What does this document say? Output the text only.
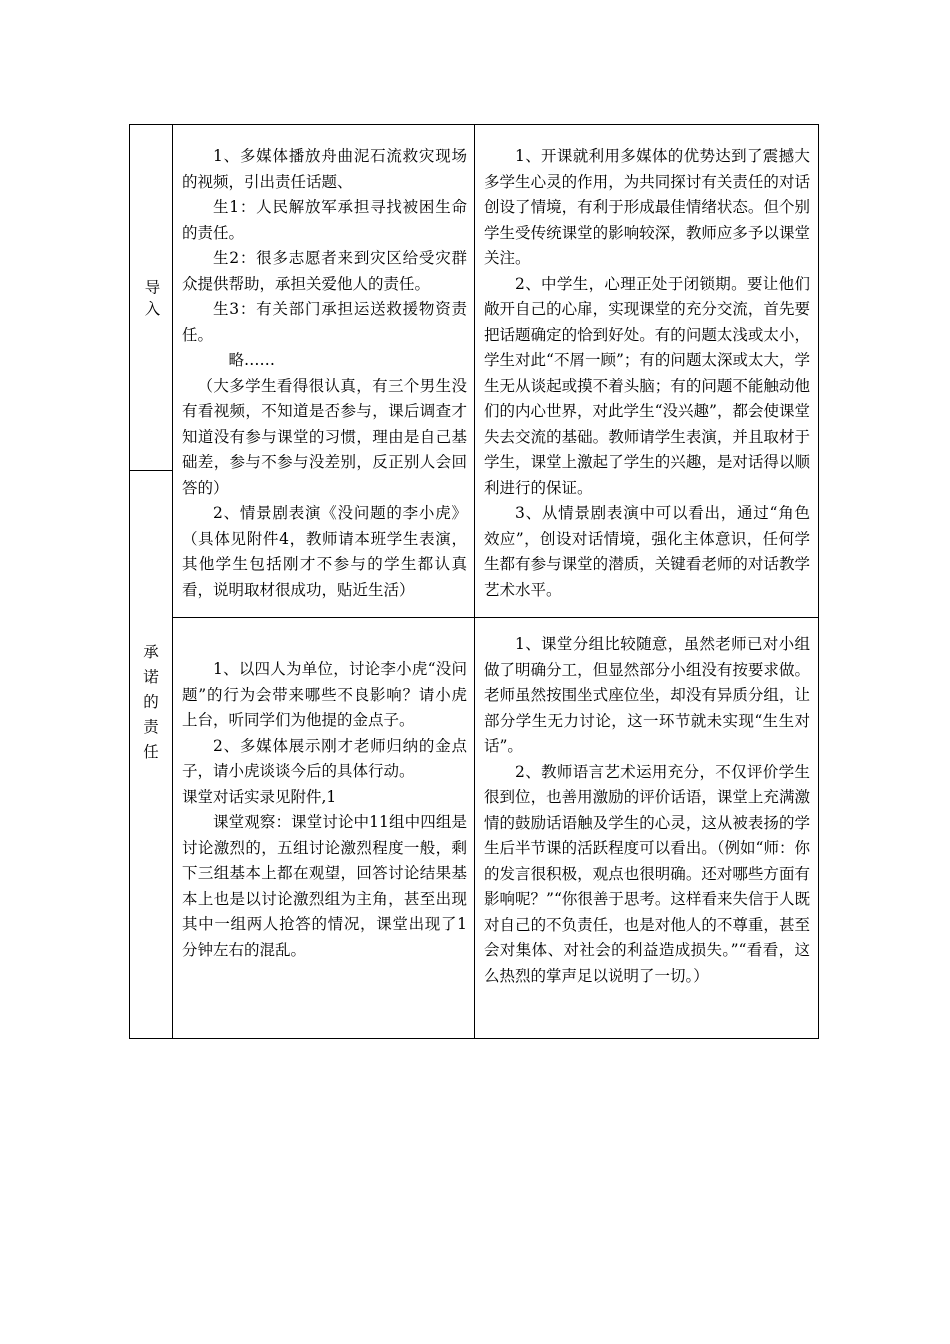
导入
承
诺
的
责
任

1、多媒体播放舟曲泥石流救灾现场的视频，引出责任话题、

生1：人民解放军承担寻找被困生命的责任。

生2：很多志愿者来到灾区给受灾群众提供帮助，承担关爱他人的责任。

生3：有关部门承担运送救援物资责任。

略……

（大多学生看得很认真，有三个男生没有看视频，不知道是否参与，课后调查才知道没有参与课堂的习惯，理由是自己基础差，参与不参与没差别，反正别人会回答的）

2、情景剧表演《没问题的李小虎》（具体见附件4，教师请本班学生表演，其他学生包括刚才不参与的学生都认真看，说明取材很成功，贴近生活）

1、开课就利用多媒体的优势达到了震撼大多学生心灵的作用，为共同探讨有关责任的对话创设了情境，有利于形成最佳情绪状态。但个别学生受传统课堂的影响较深，教师应多予以课堂关注。

2、中学生，心理正处于闭锁期。要让他们敞开自己的心扉，实现课堂的充分交流，首先要把话题确定的恰到好处。有的问题太浅或太小，学生对此“不屑一顾”；有的问题太深或太大，学生无从谈起或摸不着头脑；有的问题不能触动他们的内心世界，对此学生“没兴趣”，都会使课堂失去交流的基础。教师请学生表演，并且取材于学生，课堂上激起了学生的兴趣，是对话得以顺利进行的保证。

3、从情景剧表演中可以看出，通过“角色效应”，创设对话情境，强化主体意识，任何学生都有参与课堂的潜质，关键看老师的对话教学艺术水平。

1、以四人为单位，讨论李小虎“没问题”的行为会带来哪些不良影响？请小虎上台，听同学们为他提的金点子。

2、多媒体展示刚才老师归纳的金点子，请小虎谈谈今后的具体行动。

课堂对话实录见附件,1

课堂观察：课堂讨论中11组中四组是讨论激烈的，五组讨论激烈程度一般，剩下三组基本上都在观望，回答讨论结果基本上也是以讨论激烈组为主角，甚至出现其中一组两人抢答的情况，课堂出现了1分钟左右的混乱。

1、课堂分组比较随意，虽然老师已对小组做了明确分工，但显然部分小组没有按要求做。老师虽然按围坐式座位坐，却没有异质分组，让部分学生无力讨论，这一环节就未实现“生生对话”。

2、教师语言艺术运用充分，不仅评价学生很到位，也善用激励的评价话语，课堂上充满激情的鼓励话语触及学生的心灵，这从被表扬的学生后半节课的活跃程度可以看出。（例如“师：你的发言很积极，观点也很明确。还对哪些方面有影响呢？”“你很善于思考。这样看来失信于人既对自己的不负责任，也是对他人的不尊重，甚至会对集体、对社会的利益造成损失。”“看看，这么热烈的掌声足以说明了一切。）
